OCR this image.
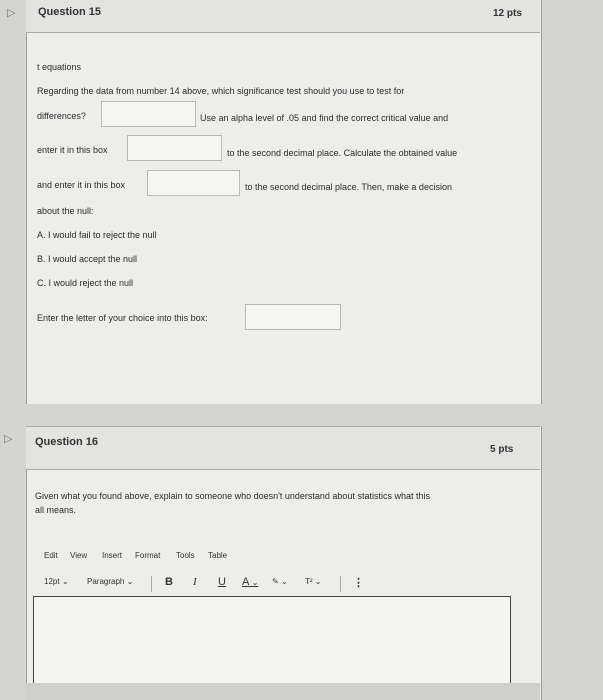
▷ Question 15	12 pts
t equations
Regarding the data from number 14 above, which significance test should you use to test for
differences?	Use an alpha level of .05 and find the correct critical value and
enter it in this box	to the second decimal place. Calculate the obtained value
and enter it in this box	to the second decimal place. Then, make a decision
about the null:
A. I would fail to reject the null
B. I would accept the null
C. I would reject the null
Enter the letter of your choice into this box:
▷ Question 16
5 pts
Given what you found above, explain to someone who doesn't understand about statistics what this
all means.
Edit View Insert Format Tools Table
12pt ⌄ Paragraph ⌄	B I U A ⌄ ✎ ⌄ T² ⌄	⋮
